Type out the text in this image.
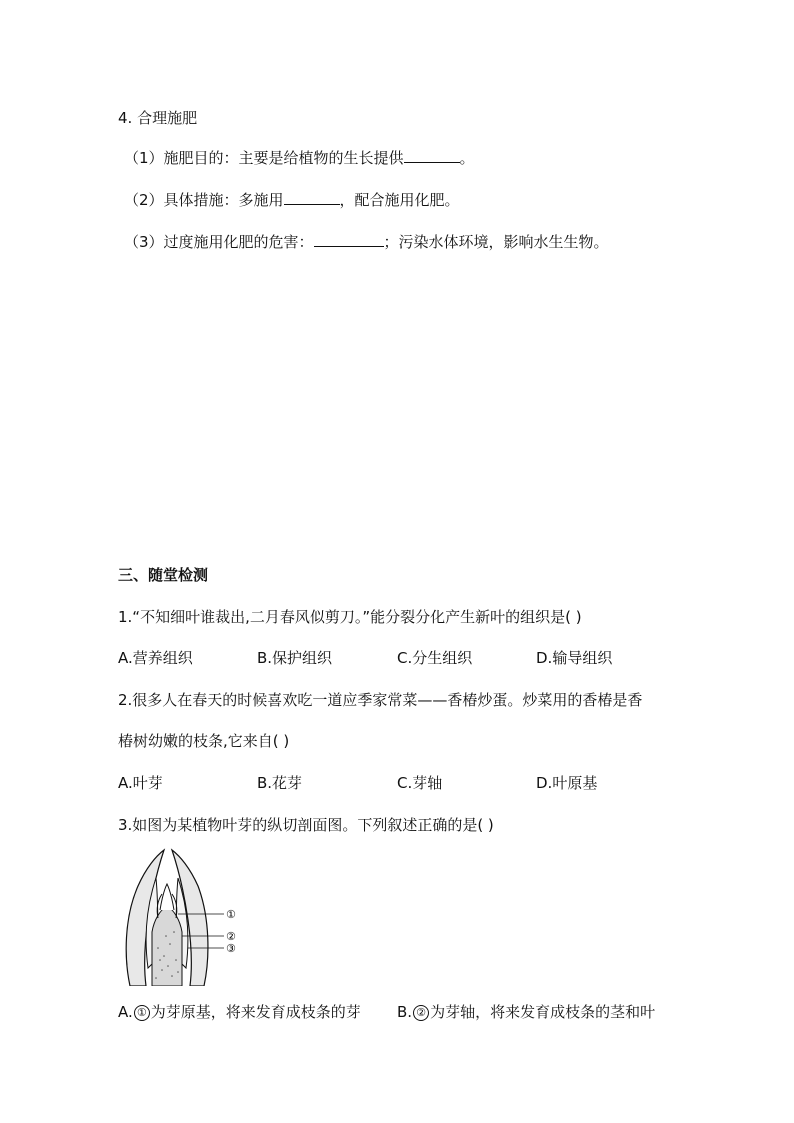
4. 合理施肥
（1）施肥目的：主要是给植物的生长提供	。
（2）具体措施：多施用	，配合施用化肥。
（3）过度施用化肥的危害：	；污染水体环境，影响水生生物。
三、随堂检测
1.“不知细叶谁裁出,二月春风似剪刀。”能分裂分化产生新叶的组织是( )
A.营养组织	B.保护组织	C.分生组织	D.输导组织
2.很多人在春天的时候喜欢吃一道应季家常菜——香椿炒蛋。炒菜用的香椿是香
椿树幼嫩的枝条,它来自( )
A.叶芽	B.花芽	C.芽轴	D.叶原基
3.如图为某植物叶芽的纵切剖面图。下列叙述正确的是( )
①
②
③
A. ① 为芽原基，将来发育成枝条的芽 B. ② 为芽轴，将来发育成枝条的茎和叶
